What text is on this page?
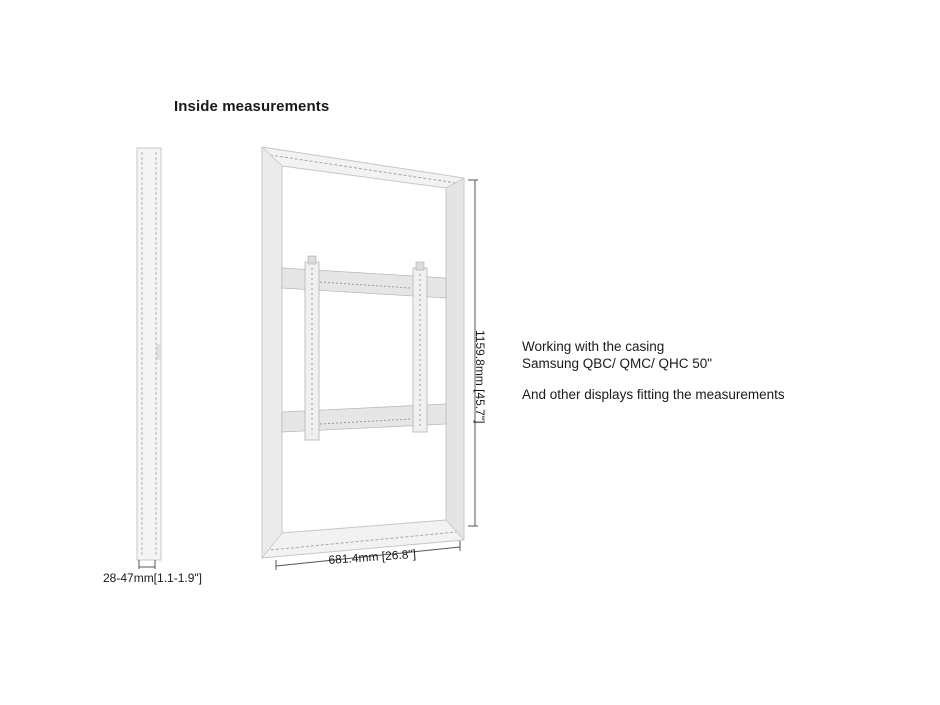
Inside measurements
28-47mm[1.1-1.9"]
681.4mm [26.8"]
1159.8mm [45.7"]	Working with the casing

Samsung QBC/ QMC/ QHC 50"

And other displays fitting the measurements
